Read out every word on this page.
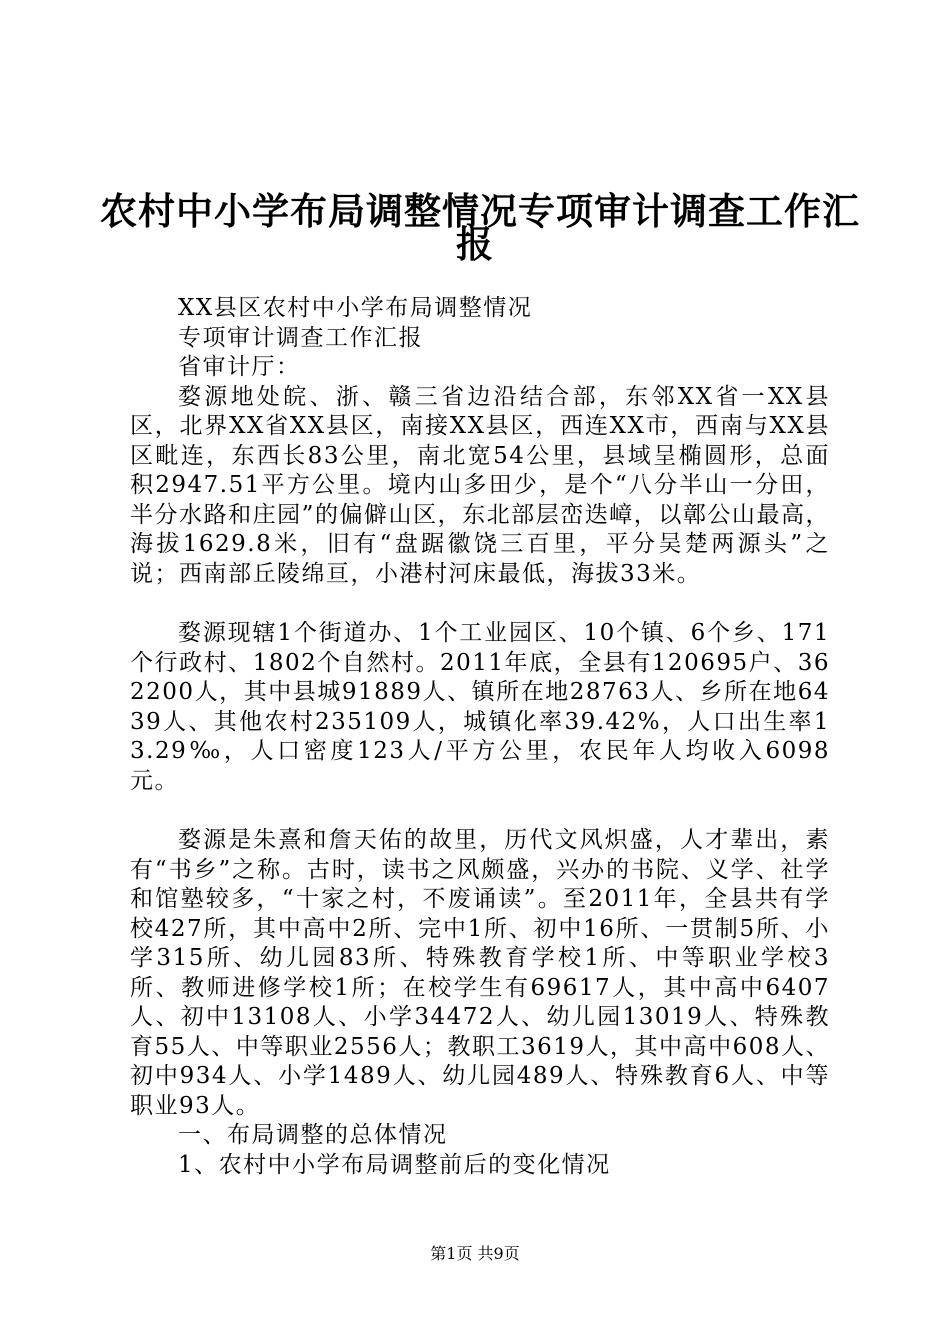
农村中小学布局调整情况专项审计调查工作汇
报

XX县区农村中小学布局调整情况

专项审计调查工作汇报

省审计厅：

婺源地处皖、浙、赣三省边沿结合部，东邻XX省一XX县区，北界XX省XX县区，南接XX县区，西连XX市，西南与XX县区毗连，东西长83公里，南北宽54公里，县域呈椭圆形，总面积2947.51平方公里。境内山多田少，是个“八分半山一分田，半分水路和庄园”的偏僻山区，东北部层峦迭嶂，以鄣公山最高，海拔1629.8米，旧有“盘踞徽饶三百里，平分吴楚两源头”之说；西南部丘陵绵亘，小港村河床最低，海拔33米。

婺源现辖1个街道办、1个工业园区、10个镇、6个乡、171个行政村、1802个自然村。2011年底，全县有120695户、362200人，其中县城91889人、镇所在地28763人、乡所在地6439人、其他农村235109人，城镇化率39.42%，人口出生率13.29‰，人口密度123人/平方公里，农民年人均收入6098元。

婺源是朱熹和詹天佑的故里，历代文风炽盛，人才辈出，素有“书乡”之称。古时，读书之风颇盛，兴办的书院、义学、社学和馆塾较多，“十家之村，不废诵读”。至2011年，全县共有学校427所，其中高中2所、完中1所、初中16所、一贯制5所、小学315所、幼儿园83所、特殊教育学校1所、中等职业学校3所、教师进修学校1所；在校学生有69617人，其中高中6407人、初中13108人、小学34472人、幼儿园13019人、特殊教育55人、中等职业2556人；教职工3619人，其中高中608人、初中934人、小学1489人、幼儿园489人、特殊教育6人、中等职业93人。

一、布局调整的总体情况

1、农村中小学布局调整前后的变化情况

第1页 共9页
